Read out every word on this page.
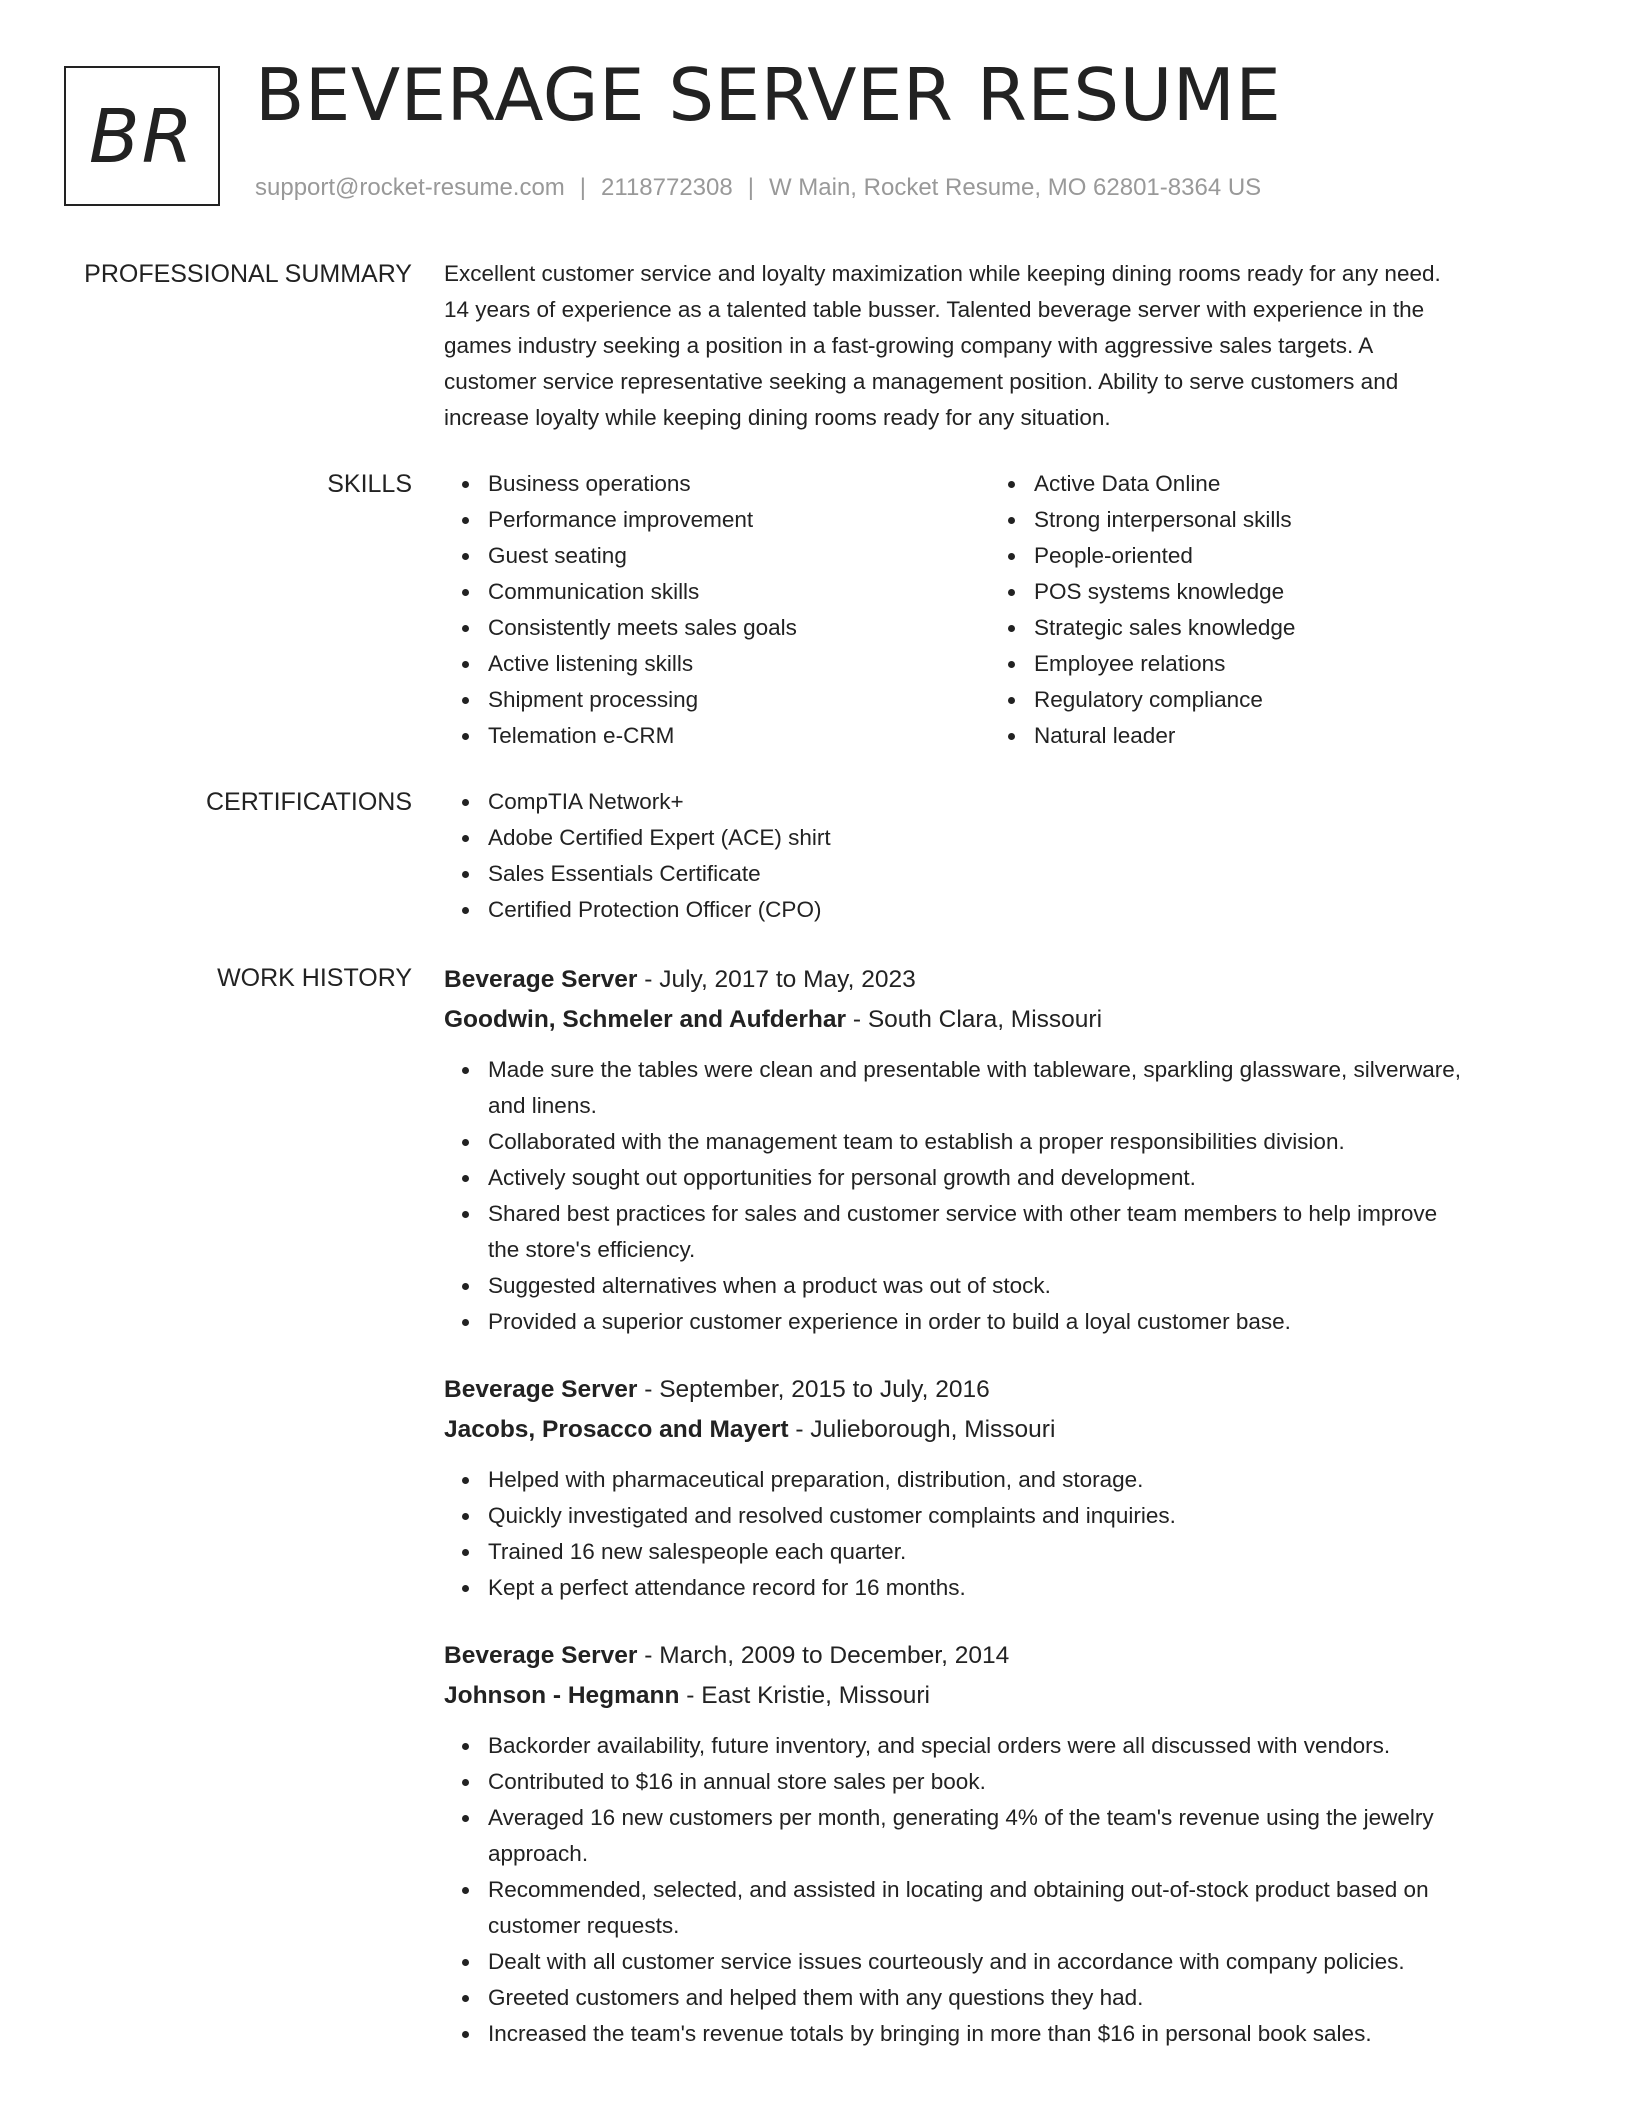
BR BEVERAGE SERVER RESUME
support@rocket-resume.com | 2118772308 | W Main, Rocket Resume, MO 62801-8364 US
PROFESSIONAL SUMMARY Excellent customer service and loyalty maximization while keeping dining rooms ready for any need.

14 years of experience as a talented table busser. Talented beverage server with experience in the

games industry seeking a position in a fast-growing company with aggressive sales targets. A

customer service representative seeking a management position. Ability to serve customers and

increase loyalty while keeping dining rooms ready for any situation.

SKILLS	Business operations
Performance improvement
Guest seating
Communication skills
Consistently meets sales goals
Active listening skills
Shipment processing
Telemation e-CRM
Active Data Online
Strong interpersonal skills
People-oriented
POS systems knowledge
Strategic sales knowledge
Employee relations
Regulatory compliance
Natural leader
CERTIFICATIONS	CompTIA Network+
Adobe Certified Expert (ACE) shirt
Sales Essentials Certificate
Certified Protection Officer (CPO)
WORK HISTORY Beverage Server - July, 2017 to May, 2023
Goodwin, Schmeler and Aufderhar - South Clara, Missouri
Made sure the tables were clean and presentable with tableware, sparkling glassware, silverware,
and linens.
Collaborated with the management team to establish a proper responsibilities division.
Actively sought out opportunities for personal growth and development.
Shared best practices for sales and customer service with other team members to help improve
the store's efficiency.
Suggested alternatives when a product was out of stock.
Provided a superior customer experience in order to build a loyal customer base.
Beverage Server - September, 2015 to July, 2016
Jacobs, Prosacco and Mayert - Julieborough, Missouri
Helped with pharmaceutical preparation, distribution, and storage.
Quickly investigated and resolved customer complaints and inquiries.
Trained 16 new salespeople each quarter.
Kept a perfect attendance record for 16 months.
Beverage Server - March, 2009 to December, 2014
Johnson - Hegmann - East Kristie, Missouri
Backorder availability, future inventory, and special orders were all discussed with vendors.
Contributed to $16 in annual store sales per book.
Averaged 16 new customers per month, generating 4% of the team's revenue using the jewelry
approach.
Recommended, selected, and assisted in locating and obtaining out-of-stock product based on
customer requests.
Dealt with all customer service issues courteously and in accordance with company policies.
Greeted customers and helped them with any questions they had.
Increased the team's revenue totals by bringing in more than $16 in personal book sales.
